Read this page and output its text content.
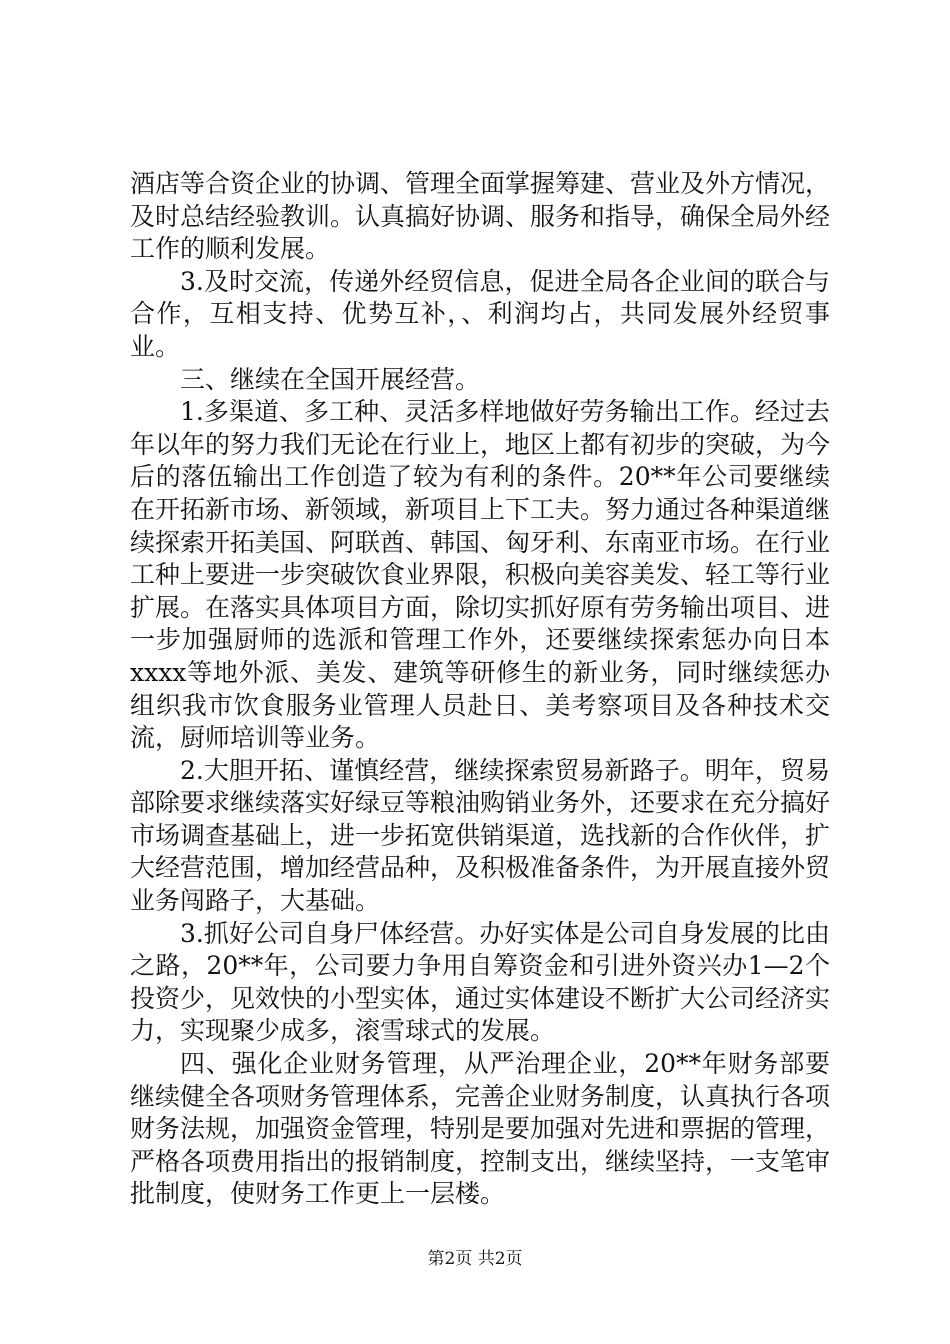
酒店等合资企业的协调、管理全面掌握筹建、营业及外方情况，及时总结经验教训。认真搞好协调、服务和指导，确保全局外经工作的顺利发展。

3.及时交流，传递外经贸信息，促进全局各企业间的联合与合作，互相支持、优势互补，、利润均占，共同发展外经贸事业。

三、继续在全国开展经营。

1.多渠道、多工种、灵活多样地做好劳务输出工作。经过去年以年的努力我们无论在行业上，地区上都有初步的突破，为今后的落伍输出工作创造了较为有利的条件。20**年公司要继续在开拓新市场、新领域，新项目上下工夫。努力通过各种渠道继续探索开拓美国、阿联酋、韩国、匈牙利、东南亚市场。在行业工种上要进一步突破饮食业界限，积极向美容美发、轻工等行业扩展。在落实具体项目方面，除切实抓好原有劳务输出项目、进一步加强厨师的选派和管理工作外，还要继续探索惩办向日本xxxx等地外派、美发、建筑等研修生的新业务，同时继续惩办组织我市饮食服务业管理人员赴日、美考察项目及各种技术交流，厨师培训等业务。

2.大胆开拓、谨慎经营，继续探索贸易新路子。明年，贸易部除要求继续落实好绿豆等粮油购销业务外，还要求在充分搞好市场调查基础上，进一步拓宽供销渠道，选找新的合作伙伴，扩大经营范围，增加经营品种，及积极准备条件，为开展直接外贸业务闯路子，大基础。

3.抓好公司自身尸体经营。办好实体是公司自身发展的比由之路，20**年，公司要力争用自筹资金和引进外资兴办1—2个投资少，见效快的小型实体，通过实体建设不断扩大公司经济实力，实现聚少成多，滚雪球式的发展。

四、强化企业财务管理，从严治理企业，20**年财务部要继续健全各项财务管理体系，完善企业财务制度，认真执行各项财务法规，加强资金管理，特别是要加强对先进和票据的管理，严格各项费用指出的报销制度，控制支出，继续坚持，一支笔审批制度，使财务工作更上一层楼。

第2页 共2页
